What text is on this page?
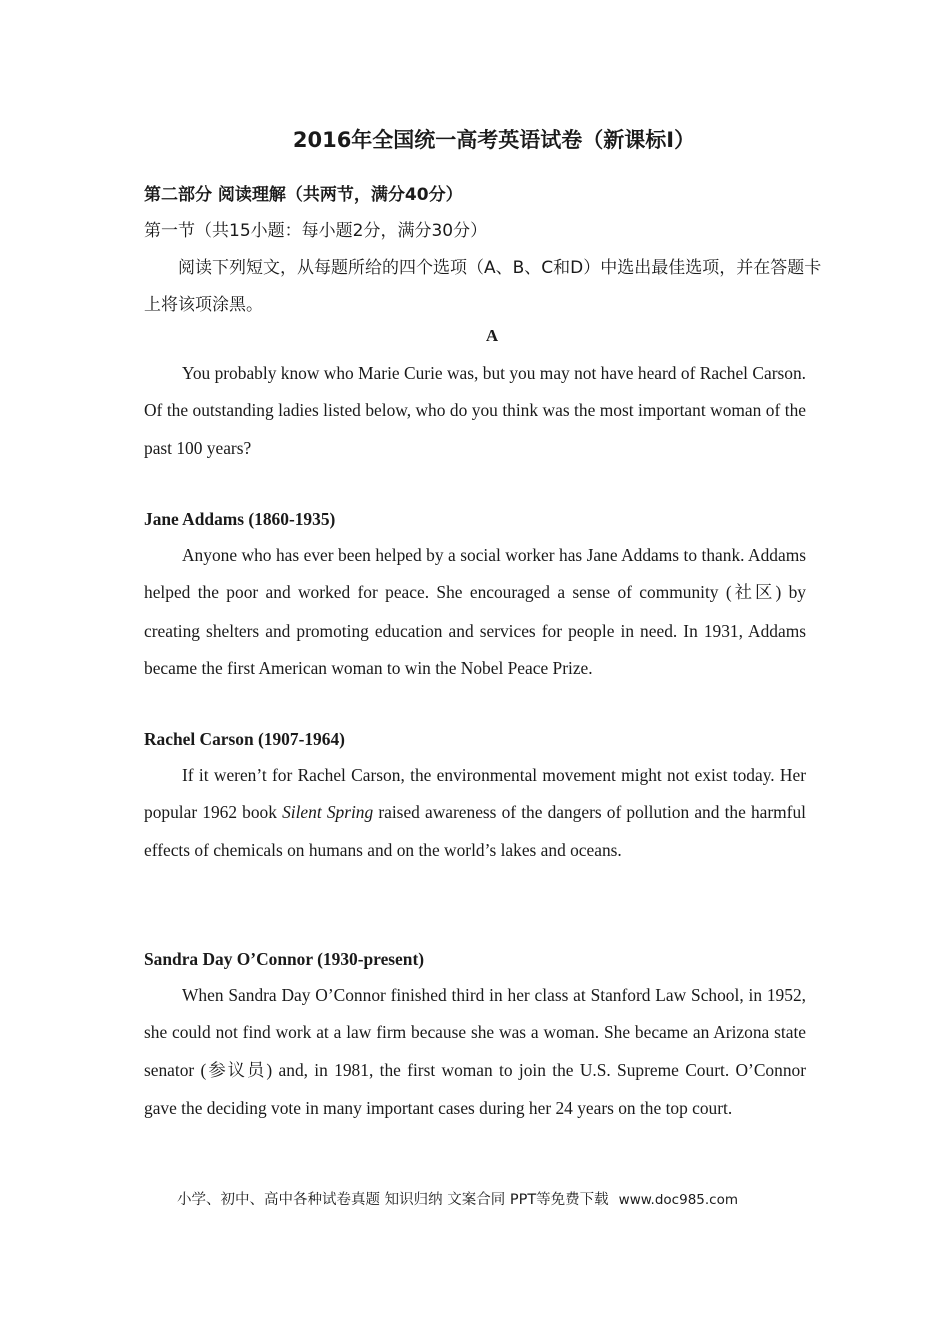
2016年全国统一高考英语试卷（新课标I）

第二部分 阅读理解（共两节，满分40分）

第一节（共15小题：每小题2分，满分30分）

阅读下列短文，从每题所给的四个选项（A、B、C和D）中选出最佳选项，并在答题卡上将该项涂黑。

A

You probably know who Marie Curie was, but you may not have heard of Rachel Carson. Of the outstanding ladies listed below, who do you think was the most important woman of the past 100 years?

Jane Addams (1860-1935)

Anyone who has ever been helped by a social worker has Jane Addams to thank. Addams helped the poor and worked for peace. She encouraged a sense of community (社区) by creating shelters and promoting education and services for people in need. In 1931, Addams became the first American woman to win the Nobel Peace Prize.

Rachel Carson (1907-1964)

If it weren’t for Rachel Carson, the environmental movement might not exist today. Her popular 1962 book Silent Spring raised awareness of the dangers of pollution and the harmful effects of chemicals on humans and on the world’s lakes and oceans.

Sandra Day O’Connor (1930-present)

When Sandra Day O’Connor finished third in her class at Stanford Law School, in 1952, she could not find work at a law firm because she was a woman. She became an Arizona state senator (参议员) and, in 1981, the first woman to join the U.S. Supreme Court. O’Connor gave the deciding vote in many important cases during her 24 years on the top court.

小学、初中、高中各种试卷真题 知识归纳 文案合同 PPT等免费下载 www.doc985.com
